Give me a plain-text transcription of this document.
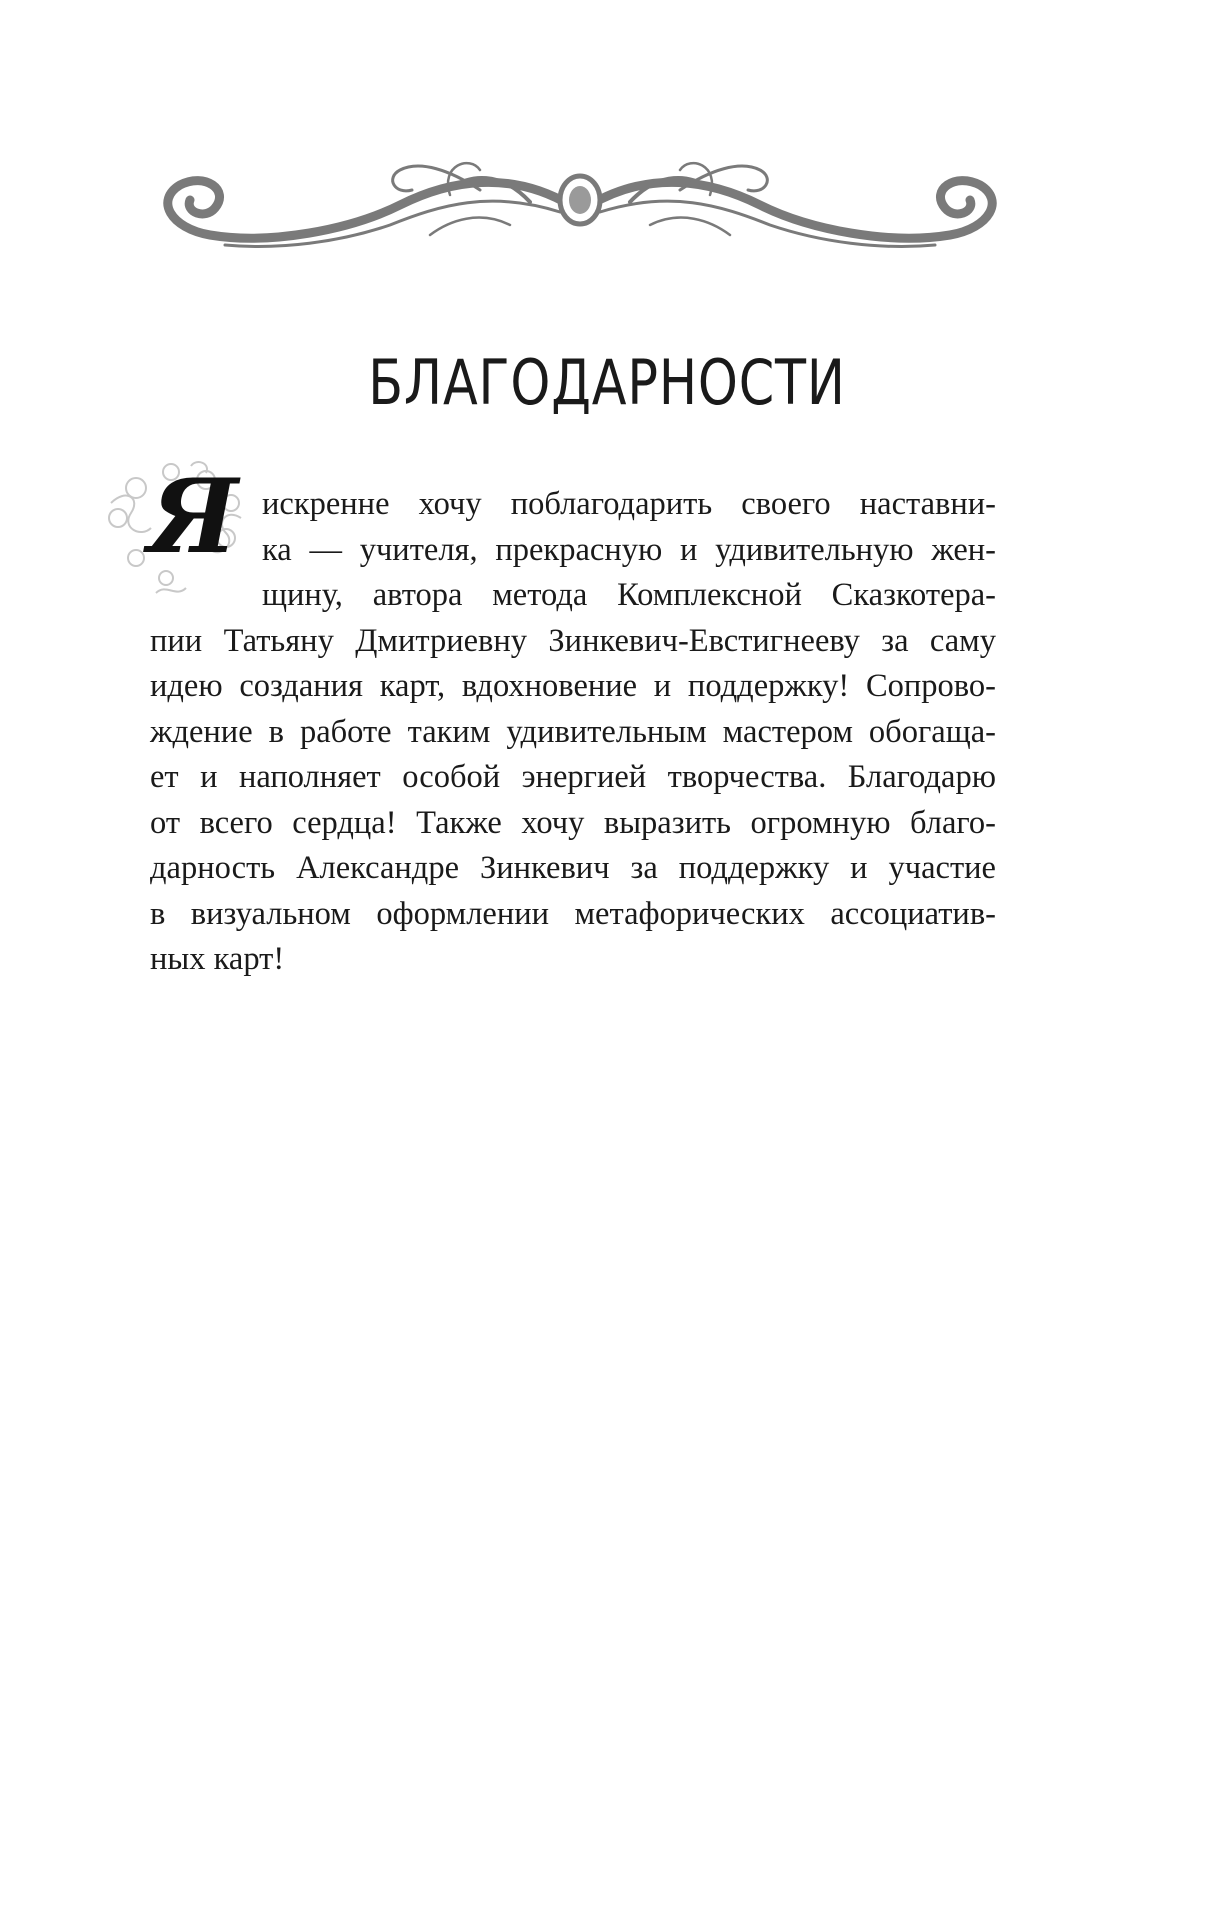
БЛАГОДАРНОСТИ
Я искренне хочу поблагодарить своего наставни-
ка — учителя, прекрасную и удивительную жен-
щину, автора метода Комплексной Сказкотера-
пии Татьяну Дмитриевну Зинкевич-Евстигнееву за саму
идею создания карт, вдохновение и поддержку! Сопрово-
ждение в работе таким удивительным мастером обогаща-
ет и наполняет особой энергией творчества. Благодарю
от всего сердца! Также хочу выразить огромную благо-
дарность Александре Зинкевич за поддержку и участие
в визуальном оформлении метафорических ассоциатив-
ных карт!
